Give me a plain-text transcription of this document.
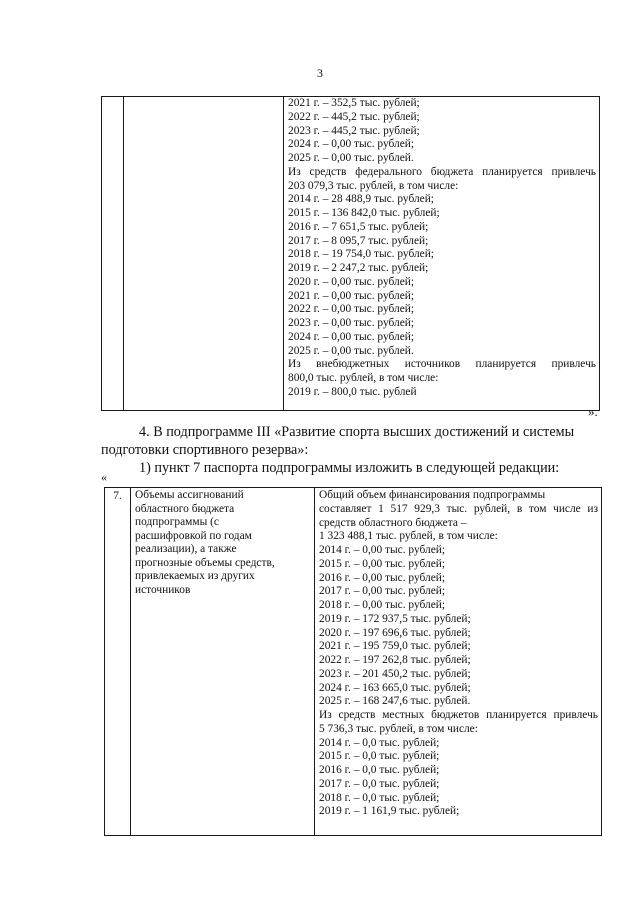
3

2021 г. – 352,5 тыс. рублей;
2022 г. – 445,2 тыс. рублей;
2023 г. – 445,2 тыс. рублей;
2024 г. – 0,00 тыс. рублей;
2025 г. – 0,00 тыс. рублей.
Из средств федерального бюджета планируется привлечь
203 079,3 тыс. рублей, в том числе:
2014 г. – 28 488,9 тыс. рублей;
2015 г. – 136 842,0 тыс. рублей;
2016 г. – 7 651,5 тыс. рублей;
2017 г. – 8 095,7 тыс. рублей;
2018 г. – 19 754,0 тыс. рублей;
2019 г. – 2 247,2 тыс. рублей;
2020 г. – 0,00 тыс. рублей;
2021 г. – 0,00 тыс. рублей;
2022 г. – 0,00 тыс. рублей;
2023 г. – 0,00 тыс. рублей;
2024 г. – 0,00 тыс. рублей;
2025 г. – 0,00 тыс. рублей.
Из внебюджетных источников планируется привлечь
800,0 тыс. рублей, в том числе:
2019 г. – 800,0 тыс. рублей
».
4. В подпрограмме III «Развитие спорта высших достижений и системы
подготовки спортивного резерва»:
1) пункт 7 паспорта подпрограммы изложить в следующей редакции:
«
7.	Объемы ассигнований
областного бюджета
подпрограммы (с
расшифровкой по годам
реализации), а также
прогнозные объемы средств,
привлекаемых из других
источников

Общий объем финансирования подпрограммы
составляет 1 517 929,3 тыс. рублей, в том числе из
средств областного бюджета –
1 323 488,1 тыс. рублей, в том числе:
2014 г. – 0,00 тыс. рублей;
2015 г. – 0,00 тыс. рублей;
2016 г. – 0,00 тыс. рублей;
2017 г. – 0,00 тыс. рублей;
2018 г. – 0,00 тыс. рублей;
2019 г. – 172 937,5 тыс. рублей;
2020 г. – 197 696,6 тыс. рублей;
2021 г. – 195 759,0 тыс. рублей;
2022 г. – 197 262,8 тыс. рублей;
2023 г. – 201 450,2 тыс. рублей;
2024 г. – 163 665,0 тыс. рублей;
2025 г. – 168 247,6 тыс. рублей.
Из средств местных бюджетов планируется привлечь
5 736,3 тыс. рублей, в том числе:
2014 г. – 0,0 тыс. рублей;
2015 г. – 0,0 тыс. рублей;
2016 г. – 0,0 тыс. рублей;
2017 г. – 0,0 тыс. рублей;
2018 г. – 0,0 тыс. рублей;
2019 г. – 1 161,9 тыс. рублей;
